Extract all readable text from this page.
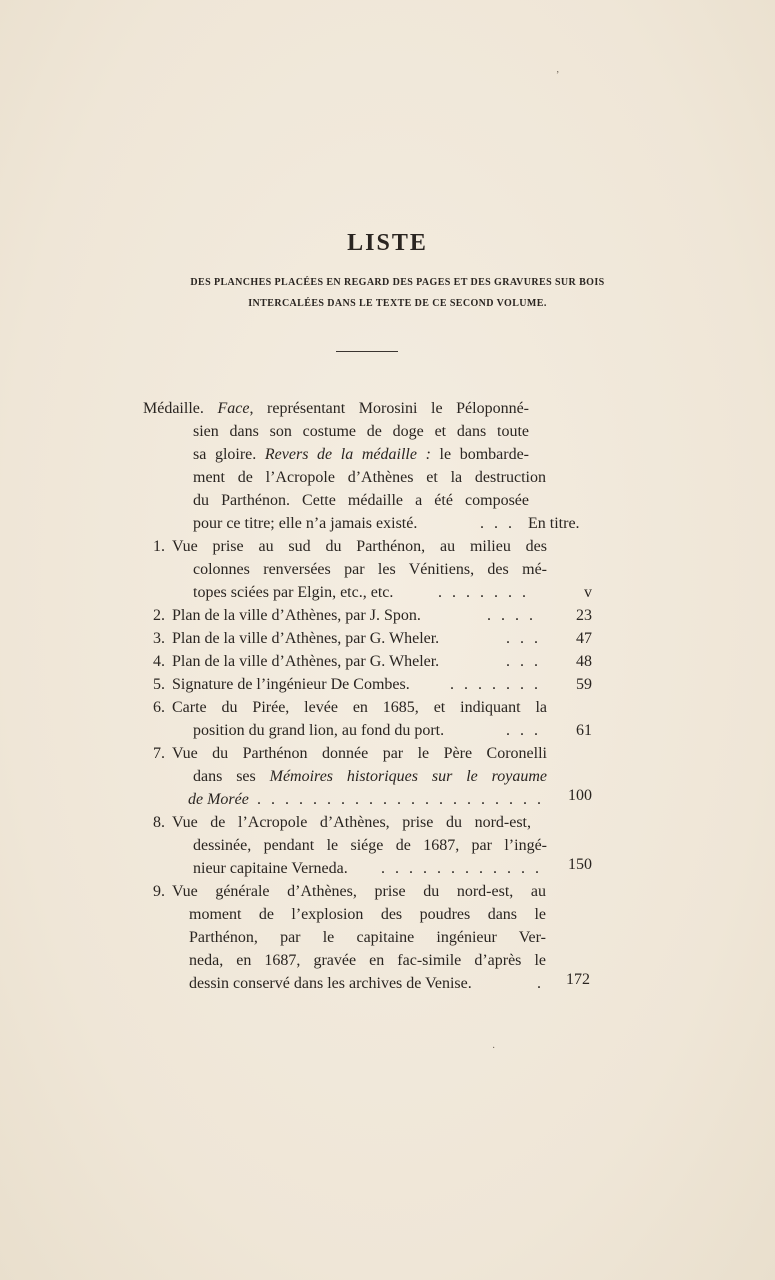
LISTE
DES PLANCHES PLACÉES EN REGARD DES PAGES ET DES GRAVURES SUR BOIS
INTERCALÉES DANS LE TEXTE DE CE SECOND VOLUME.
Médaille. Face, représentant Morosini le Péloponné-
sien dans son costume de doge et dans toute
sa gloire. Revers de la médaille : le bombarde-
ment de l’Acropole d’Athènes et la destruction
du Parthénon. Cette médaille a été composée
pour ce titre; elle n’a jamais existé.	. . . En titre.
1. Vue prise au sud du Parthénon, au milieu des
colonnes renversées par les Vénitiens, des mé-
topes sciées par Elgin, etc., etc.	. . . . . . .	v
2. Plan de la ville d’Athènes, par J. Spon.	. . . .	23
3. Plan de la ville d’Athènes, par G. Wheler.	. . .	47
4. Plan de la ville d’Athènes, par G. Wheler.	. . .	48
5. Signature de l’ingénieur De Combes.	. . . . . . .	59
6. Carte du Pirée, levée en 1685, et indiquant la
position du grand lion, au fond du port.	. . .	61
7. Vue du Parthénon donnée par le Père Coronelli
dans ses Mémoires historiques sur le royaume
de Morée . . . . . . . . . . . . . . . . . . . . .	100
8. Vue de l’Acropole d’Athènes, prise du nord-est,
dessinée, pendant le siége de 1687, par l’ingé-
nieur capitaine Verneda. . . . . . . . . . . . .	150
9. Vue générale d’Athènes, prise du nord-est, au
moment de l’explosion des poudres dans le
Parthénon, par le capitaine ingénieur Ver-
neda, en 1687, gravée en fac-simile d’après le
dessin conservé dans les archives de Venise.	.	172
ʼ
·
